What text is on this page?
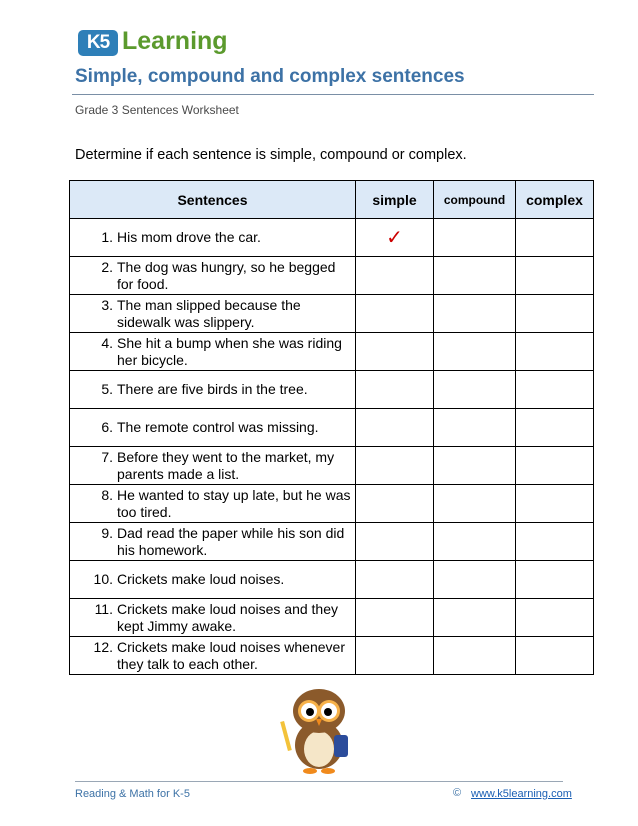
K5 Learning
Simple, compound and complex sentences
Grade 3 Sentences Worksheet
Determine if each sentence is simple, compound or complex.
Sentences	simple	compound	complex

1. His mom drove the car.	✓		

2. The dog was hungry, so he begged for food.			

3. The man slipped because the sidewalk was slippery.			

4. She hit a bump when she was riding her bicycle.			

5. There are five birds in the tree.			

6. The remote control was missing.			

7. Before they went to the market, my parents made a list.			

8. He wanted to stay up late, but he was too tired.			

9. Dad read the paper while his son did his homework.			

10. Crickets make loud noises.			

11. Crickets make loud noises and they kept Jimmy awake.			

12. Crickets make loud noises whenever they talk to each other.			

Reading & Math for K-5	© www.k5learning.com
